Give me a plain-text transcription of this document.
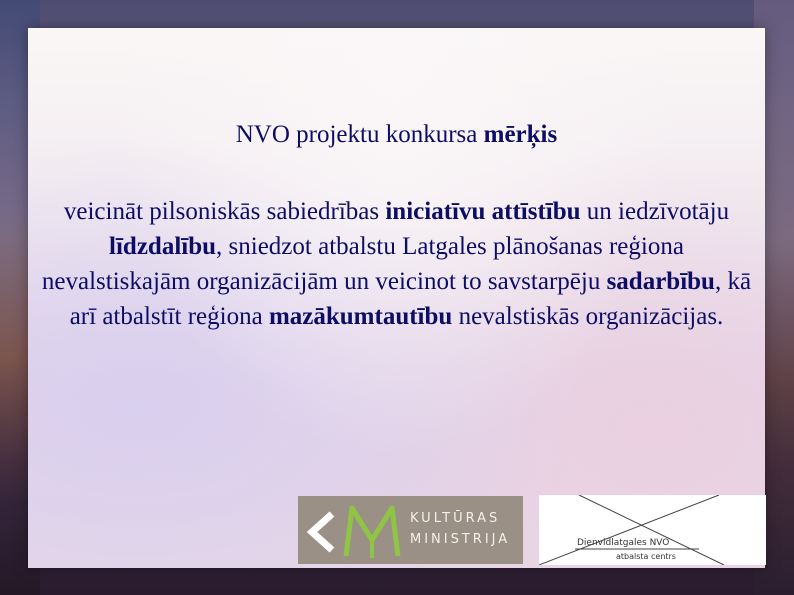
NVO projektu konkursa mērķis
veicināt pilsoniskās sabiedrības iniciatīvu attīstību un iedzīvotāju līdzdalību, sniedzot atbalstu Latgales plānošanas reģiona nevalstiskajām organizācijām un veicinot to savstarpēju sadarbību, kā arī atbalstīt reģiona mazākumtautību nevalstiskās organizācijas.
KULTŪRAS
MINISTRIJA	Dienvidlatgales NVO
atbalsta centrs
